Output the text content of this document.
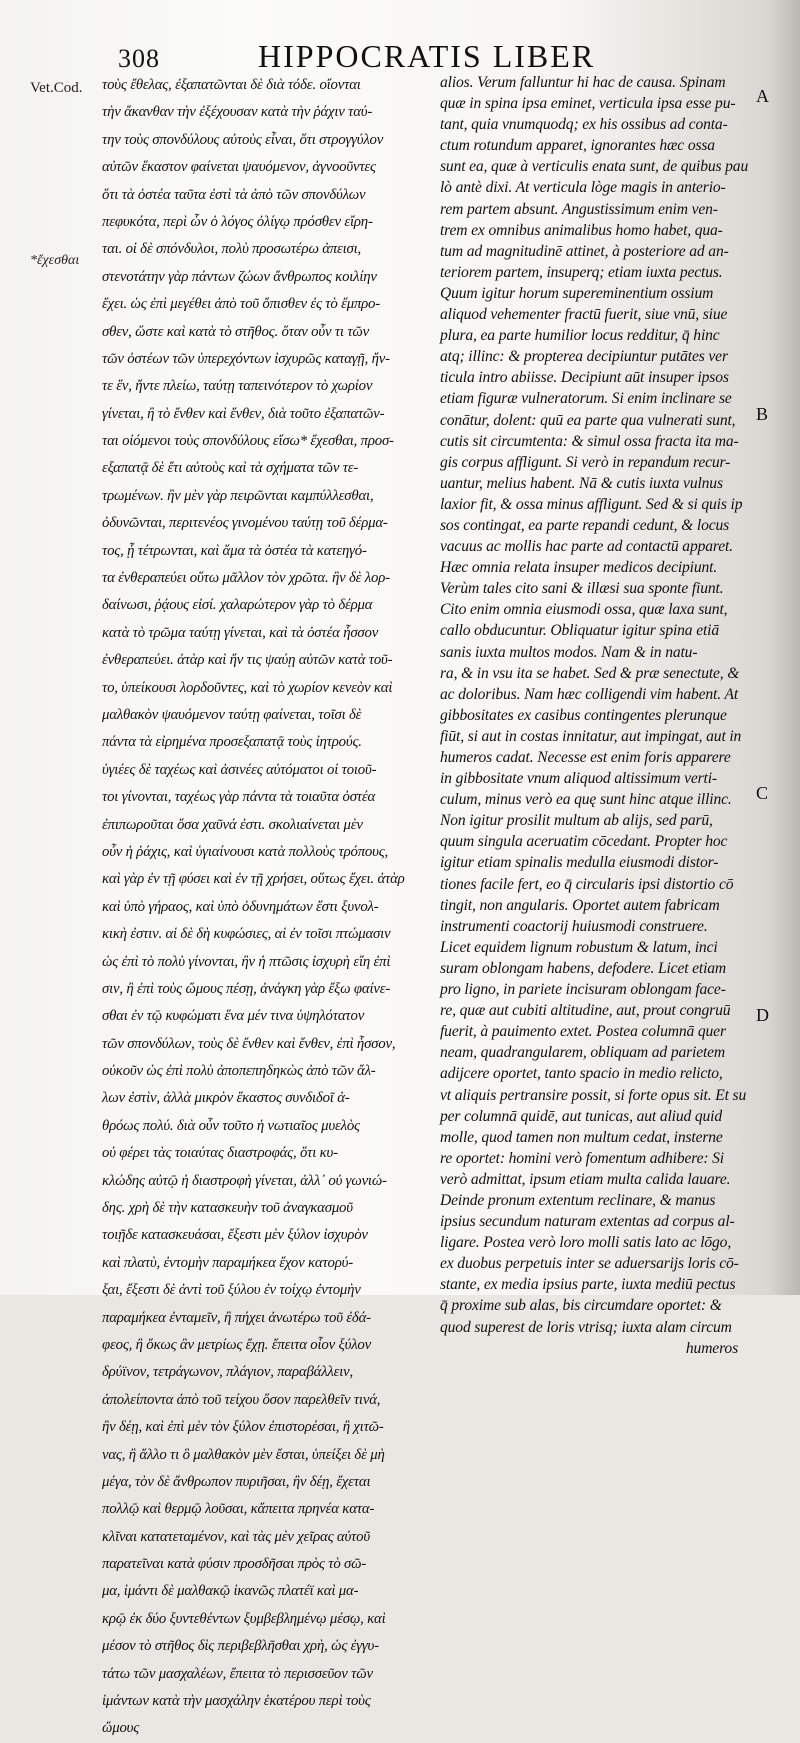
308	HIPPOCRATIS LIBER
Vet.Cod.
*ἔχεσθαι
A
B
C
D
τοὺς ἔθελας, ἐξαπατῶνται δὲ διὰ τόδε. οἴονται
τὴν ἄκανθαν τὴν ἐξέχουσαν κατὰ τὴν ῥάχιν ταύ-
την τοὺς σπονδύλους αὐτοὺς εἶναι, ὅτι στρογγύλον
αὐτῶν ἕκαστον φαίνεται ψαυόμενον, ἀγνοοῦντες
ὅτι τὰ ὀστέα ταῦτα ἐστὶ τὰ ἀπὸ τῶν σπονδύλων
πεφυκότα, περὶ ὧν ὁ λόγος ὀλίγῳ πρόσθεν εἴρη-
ται. οἱ δὲ σπόνδυλοι, πολὺ προσωτέρω ἀπεισι,
στενοτάτην γὰρ πάντων ζώων ἄνθρωπος κοιλίην
ἔχει. ὡς ἐπὶ μεγέθει ἀπὸ τοῦ ὄπισθεν ἐς τὸ ἔμπρο-
σθεν, ὥστε καὶ κατὰ τὸ στῆθος. ὅταν οὖν τι τῶν
τῶν ὀστέων τῶν ὑπερεχόντων ἰσχυρῶς καταγῇ, ἤν-
τε ἕν, ἤντε πλείω, ταύτῃ ταπεινότερον τὸ χωρίον
γίνεται, ἢ τὸ ἔνθεν καὶ ἔνθεν, διὰ τοῦτο ἐξαπατῶν-
ται οἰόμενοι τοὺς σπονδύλους εἴσω* ἔχεσθαι, προσ-
εξαπατᾷ δὲ ἔτι αὐτοὺς καὶ τὰ σχήματα τῶν τε-
τρωμένων. ἢν μὲν γὰρ πειρῶνται καμπύλλεσθαι,
ὀδυνῶνται, περιτενέος γινομένου ταύτῃ τοῦ δέρμα-
τος, ᾗ τέτρωνται, καὶ ἅμα τὰ ὀστέα τὰ κατεηγό-
τα ἐνθεραπεύει οὕτω μᾶλλον τὸν χρῶτα. ἢν δὲ λορ-
δαίνωσι, ῥᾴους εἰσί. χαλαρώτερον γὰρ τὸ δέρμα
κατὰ τὸ τρῶμα ταύτῃ γίνεται, καὶ τὰ ὀστέα ἧσσον
ἐνθεραπεύει. ἀτὰρ καὶ ἤν τις ψαύῃ αὐτῶν κατὰ τοῦ-
το, ὑπείκουσι λορδοῦντες, καὶ τὸ χωρίον κενεὸν καὶ
μαλθακὸν ψαυόμενον ταύτῃ φαίνεται, τοῖσι δὲ
πάντα τὰ εἰρημένα προσεξαπατᾷ τοὺς ἰητρούς.
ὑγιέες δὲ ταχέως καὶ ἀσινέες αὐτόματοι οἱ τοιοῦ-
τοι γίνονται, ταχέως γὰρ πάντα τὰ τοιαῦτα ὀστέα
ἐπιπωροῦται ὅσα χαῦνά ἐστι. σκολιαίνεται μὲν
οὖν ἡ ῥάχις, καὶ ὑγιαίνουσι κατὰ πολλοὺς τρόπους,
καὶ γὰρ ἐν τῇ φύσει καὶ ἐν τῇ χρήσει, οὕτως ἔχει. ἀτὰρ
καὶ ὑπὸ γήραος, καὶ ὑπὸ ὀδυνημάτων ἔστι ξυνολ-
κικὴ ἐστιν. αἱ δὲ δὴ κυφώσιες, αἱ ἐν τοῖσι πτώμασιν
ὡς ἐπὶ τὸ πολὺ γίνονται, ἢν ἡ πτῶσις ἰσχυρὴ εἴη ἐπὶ
σιν, ἢ ἐπὶ τοὺς ὤμους πέσῃ, ἀνάγκη γὰρ ἔξω φαίνε-
σθαι ἐν τῷ κυφώματι ἕνα μέν τινα ὑψηλότατον
τῶν σπονδύλων, τοὺς δὲ ἔνθεν καὶ ἔνθεν, ἐπὶ ἧσσον,
οὐκοῦν ὡς ἐπὶ πολὺ ἀποπεπηδηκὼς ἀπὸ τῶν ἄλ-
λων ἐστὶν, ἀλλὰ μικρὸν ἕκαστος συνδιδοῖ ἀ-
θρόως πολύ. διὰ οὖν τοῦτο ἡ νωτιαῖος μυελὸς
οὐ φέρει τὰς τοιαύτας διαστροφάς, ὅτι κυ-
κλώδης αὐτῷ ἡ διαστροφὴ γίνεται, ἀλλ᾽ οὐ γωνιώ-
δης. χρὴ δὲ τὴν κατασκευὴν τοῦ ἀναγκασμοῦ
τοιῇδε κατασκευάσαι, ἔξεστι μὲν ξύλον ἰσχυρὸν
καὶ πλατὺ, ἐντομὴν παραμήκεα ἔχον κατορύ-
ξαι, ἔξεστι δὲ ἀντὶ τοῦ ξύλου ἐν τοίχῳ ἐντομὴν
παραμήκεα ἐνταμεῖν, ἢ πήχει ἀνωτέρω τοῦ ἐδά-
φεος, ἢ ὅκως ἂν μετρίως ἔχῃ. ἔπειτα οἷον ξύλον
δρύϊνον, τετράγωνον, πλάγιον, παραβάλλειν,
ἀπολείποντα ἀπὸ τοῦ τείχου ὅσον παρελθεῖν τινά,
ἢν δέῃ, καὶ ἐπὶ μὲν τὸν ξύλον ἐπιστορέσαι, ἢ χιτῶ-
νας, ἢ ἄλλο τι ὃ μαλθακὸν μὲν ἔσται, ὑπείξει δὲ μὴ
μέγα, τὸν δὲ ἄνθρωπον πυριῆσαι, ἢν δέῃ, ἔχεται
πολλῷ καὶ θερμῷ λοῦσαι, κἄπειτα πρηνέα κατα-
κλῖναι κατατεταμένον, καὶ τὰς μὲν χεῖρας αὐτοῦ
παρατεῖναι κατὰ φύσιν προσδῆσαι πρὸς τὸ σῶ-
μα, ἱμάντι δὲ μαλθακῷ ἱκανῶς πλατέϊ καὶ μα-
κρῷ ἐκ δύο ξυντεθέντων ξυμβεβλημένῳ μέσῳ, καὶ
μέσον τὸ στῆθος δὶς περιβεβλῆσθαι χρὴ, ὡς ἐγγυ-
τάτω τῶν μασχαλέων, ἔπειτα τὸ περισσεῦον τῶν
ἱμάντων κατὰ τὴν μασχάλην ἑκατέρου περὶ τοὺς
ὤμους
alios. Verum falluntur hi hac de causa. Spinam
quæ in spina ipsa eminet, verticula ipsa esse pu-
tant, quia vnumquodq; ex his ossibus ad conta-
ctum rotundum apparet, ignorantes hæc ossa
sunt ea, quæ à verticulis enata sunt, de quibus pau
lò antè dixi. At verticula lòge magis in anterio-
rem partem absunt. Angustissimum enim ven-
trem ex omnibus animalibus homo habet, qua-
tum ad magnitudinē attinet, à posteriore ad an-
teriorem partem, insuperq; etiam iuxta pectus.
Quum igitur horum supereminentium ossium
aliquod vehementer fractū fuerit, siue vnū, siue
plura, ea parte humilior locus redditur, q̄ hinc
atq; illinc: & propterea decipiuntur putātes ver
ticula intro abiisse. Decipiunt aūt insuper ipsos
etiam figuræ vulneratorum. Si enim inclinare se
conātur, dolent: quū ea parte qua vulnerati sunt,
cutis sit circumtenta: & simul ossa fracta ita ma-
gis corpus affligunt. Si verò in repandum recur-
uantur, melius habent. Nā & cutis iuxta vulnus
laxior fit, & ossa minus affligunt. Sed & si quis ip
sos contingat, ea parte repandi cedunt, & locus
vacuus ac mollis hac parte ad contactū apparet.
Hæc omnia relata insuper medicos decipiunt.
Verùm tales cito sani & illæsi sua sponte fiunt.
Cito enim omnia eiusmodi ossa, quæ laxa sunt,
callo obducuntur. Obliquatur igitur spina etiā
sanis iuxta multos modos. Nam & in natu-
ra, & in vsu ita se habet. Sed & præ senectute, &
ac doloribus. Nam hæc colligendi vim habent. At
gibbositates ex casibus contingentes plerunque
fiūt, si aut in costas innitatur, aut impingat, aut in
humeros cadat. Necesse est enim foris apparere
in gibbositate vnum aliquod altissimum verti-
culum, minus verò ea quę sunt hinc atque illinc.
Non igitur prosilit multum ab alijs, sed parū,
quum singula aceruatim cōcedant. Propter hoc
igitur etiam spinalis medulla eiusmodi distor-
tiones facile fert, eo q̄ circularis ipsi distortio cō
tingit, non angularis. Oportet autem fabricam
instrumenti coactorij huiusmodi construere.
Licet equidem lignum robustum & latum, inci
suram oblongam habens, defodere. Licet etiam
pro ligno, in pariete incisuram oblongam face-
re, quæ aut cubiti altitudine, aut, prout congruū
fuerit, à pauimento extet. Postea columnā quer
neam, quadrangularem, obliquam ad parietem
adijcere oportet, tanto spacio in medio relicto,
vt aliquis pertransire possit, si forte opus sit. Et su
per columnā quidē, aut tunicas, aut aliud quid
molle, quod tamen non multum cedat, insterne
re oportet: homini verò fomentum adhibere: Si
verò admittat, ipsum etiam multa calida lauare.
Deinde pronum extentum reclinare, & manus
ipsius secundum naturam extentas ad corpus al-
ligare. Postea verò loro molli satis lato ac lōgo,
ex duobus perpetuis inter se aduersarijs loris cō-
stante, ex media ipsius parte, iuxta mediū pectus
q̄ proxime sub alas, bis circumdare oportet: &
quod superest de loris vtrisq; iuxta alam circum
humeros
